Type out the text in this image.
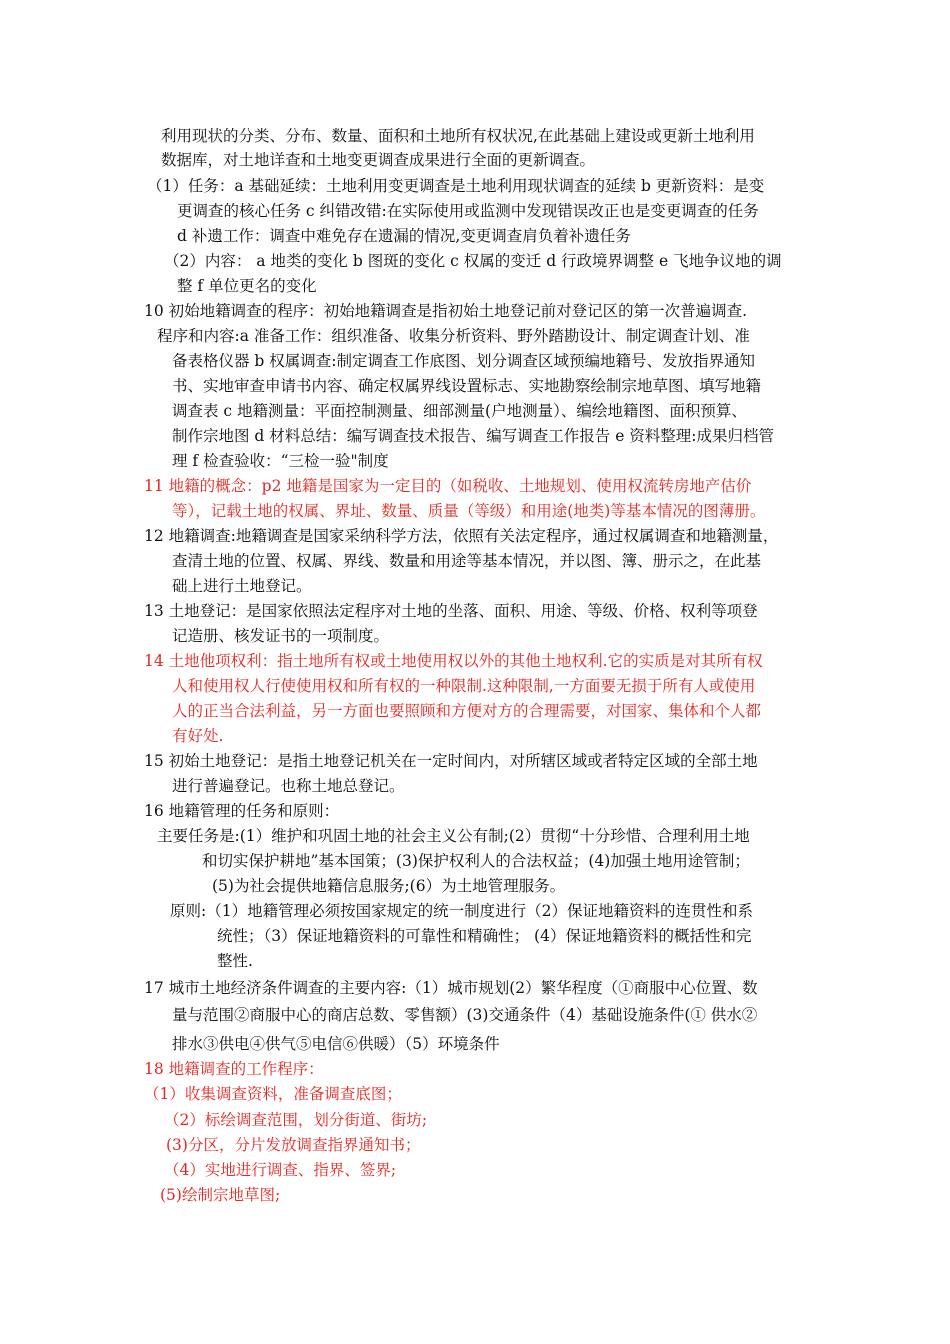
利用现状的分类、分布、数量、面积和土地所有权状况,在此基础上建设或更新土地利用
数据库，对土地详查和土地变更调查成果进行全面的更新调查。
（1）任务：a 基础延续：土地利用变更调查是土地利用现状调查的延续 b 更新资料：是变
更调查的核心任务 c 纠错改错:在实际使用或监测中发现错误改正也是变更调查的任务
d 补遗工作：调查中难免存在遗漏的情况,变更调查肩负着补遗任务
（2）内容： a 地类的变化 b 图斑的变化 c 权属的变迁 d 行政境界调整 e 飞地争议地的调
整 f 单位更名的变化
10 初始地籍调查的程序：初始地籍调查是指初始土地登记前对登记区的第一次普遍调查.
程序和内容:a 准备工作：组织准备、收集分析资料、野外踏勘设计、制定调查计划、准
备表格仪器 b 权属调查:制定调查工作底图、划分调查区域预编地籍号、发放指界通知
书、实地审查申请书内容、确定权属界线设置标志、实地勘察绘制宗地草图、填写地籍
调查表 c 地籍测量：平面控制测量、细部测量(户地测量）、编绘地籍图、面积预算、
制作宗地图 d 材料总结：编写调查技术报告、编写调查工作报告 e 资料整理:成果归档管
理 f 检查验收：“三检一验"制度
11 地籍的概念：p2 地籍是国家为一定目的（如税收、土地规划、使用权流转房地产估价
等），记载土地的权属、界址、数量、质量（等级）和用途(地类)等基本情况的图薄册。
12 地籍调查:地籍调查是国家采纳科学方法，依照有关法定程序，通过权属调查和地籍测量，
查清土地的位置、权属、界线、数量和用途等基本情况，并以图、簿、册示之，在此基
础上进行土地登记。
13 土地登记：是国家依照法定程序对土地的坐落、面积、用途、等级、价格、权利等项登
记造册、核发证书的一项制度。
14 土地他项权利：指土地所有权或土地使用权以外的其他土地权利.它的实质是对其所有权
人和使用权人行使使用权和所有权的一种限制.这种限制,一方面要无损于所有人或使用
人的正当合法利益，另一方面也要照顾和方便对方的合理需要，对国家、集体和个人都
有好处.
15 初始土地登记：是指土地登记机关在一定时间内，对所辖区域或者特定区域的全部土地
进行普遍登记。也称土地总登记。
16 地籍管理的任务和原则：
主要任务是:(1）维护和巩固土地的社会主义公有制;(2）贯彻“十分珍惜、合理利用土地
和切实保护耕地”基本国策；(3)保护权利人的合法权益；(4)加强土地用途管制；
(5)为社会提供地籍信息服务;(6）为土地管理服务。
原则:（1）地籍管理必须按国家规定的统一制度进行（2）保证地籍资料的连贯性和系
统性；（3）保证地籍资料的可靠性和精确性； (4）保证地籍资料的概括性和完
整性.
17 城市土地经济条件调查的主要内容:（1）城市规划(2）繁华程度（①商服中心位置、数
量与范围②商服中心的商店总数、零售额）(3)交通条件（4）基础设施条件(① 供水②
排水③供电④供气⑤电信⑥供暖）（5）环境条件
18 地籍调查的工作程序：
（1）收集调查资料，准备调查底图；
（2）标绘调查范围，划分街道、街坊;
(3)分区，分片发放调查指界通知书；
（4）实地进行调查、指界、签界;
(5)绘制宗地草图;
